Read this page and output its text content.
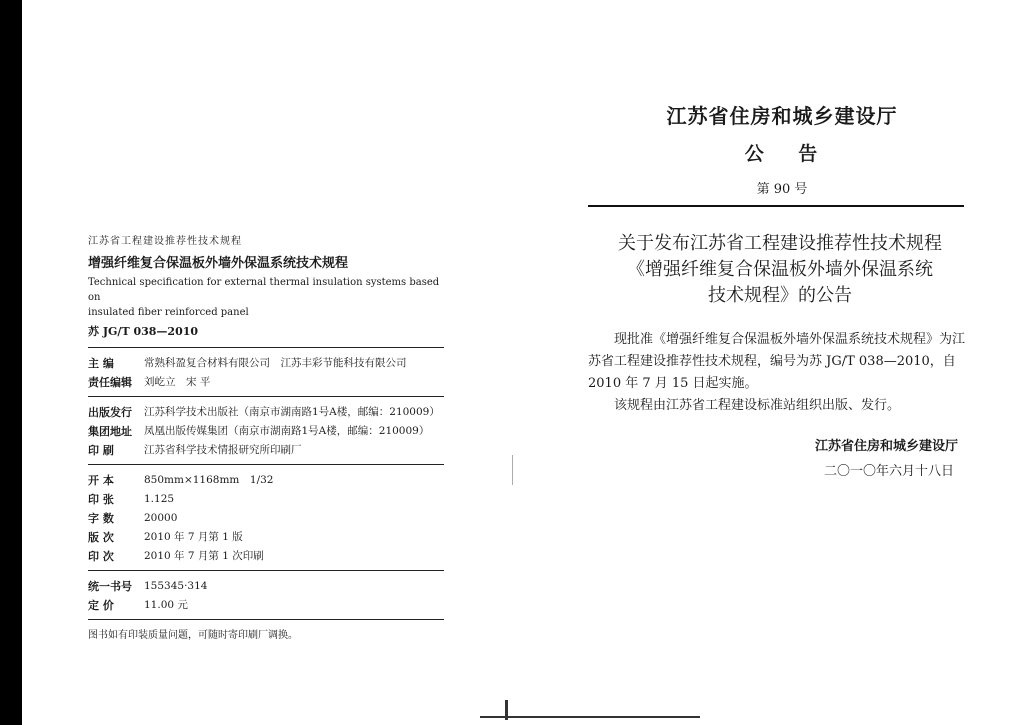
江苏省工程建设推荐性技术规程
增强纤维复合保温板外墙外保温系统技术规程
Technical specification for external thermal insulation systems based on
insulated fiber reinforced panel
苏 JG/T 038—2010
主 编	常熟科盈复合材料有限公司　江苏丰彩节能科技有限公司
责任编辑	刘屹立　宋 平
出版发行	江苏科学技术出版社（南京市湖南路1号A楼，邮编：210009）
集团地址	凤凰出版传媒集团（南京市湖南路1号A楼，邮编：210009）
印 刷	江苏省科学技术情报研究所印刷厂
开 本	850mm×1168mm　1/32
印 张	1.125
字 数	20000
版 次	2010 年 7 月第 1 版
印 次	2010 年 7 月第 1 次印刷
统一书号	155345·314
定 价	11.00 元
图书如有印装质量问题，可随时寄印刷厂调换。
江苏省住房和城乡建设厅
公 告
第 90 号
关于发布江苏省工程建设推荐性技术规程
《增强纤维复合保温板外墙外保温系统
技术规程》的公告

现批准《增强纤维复合保温板外墙外保温系统技术规程》为江苏省工程建设推荐性技术规程，编号为苏 JG/T 038—2010，自 2010 年 7 月 15 日起实施。

该规程由江苏省工程建设标准站组织出版、发行。

江苏省住房和城乡建设厅
二〇一〇年六月十八日
